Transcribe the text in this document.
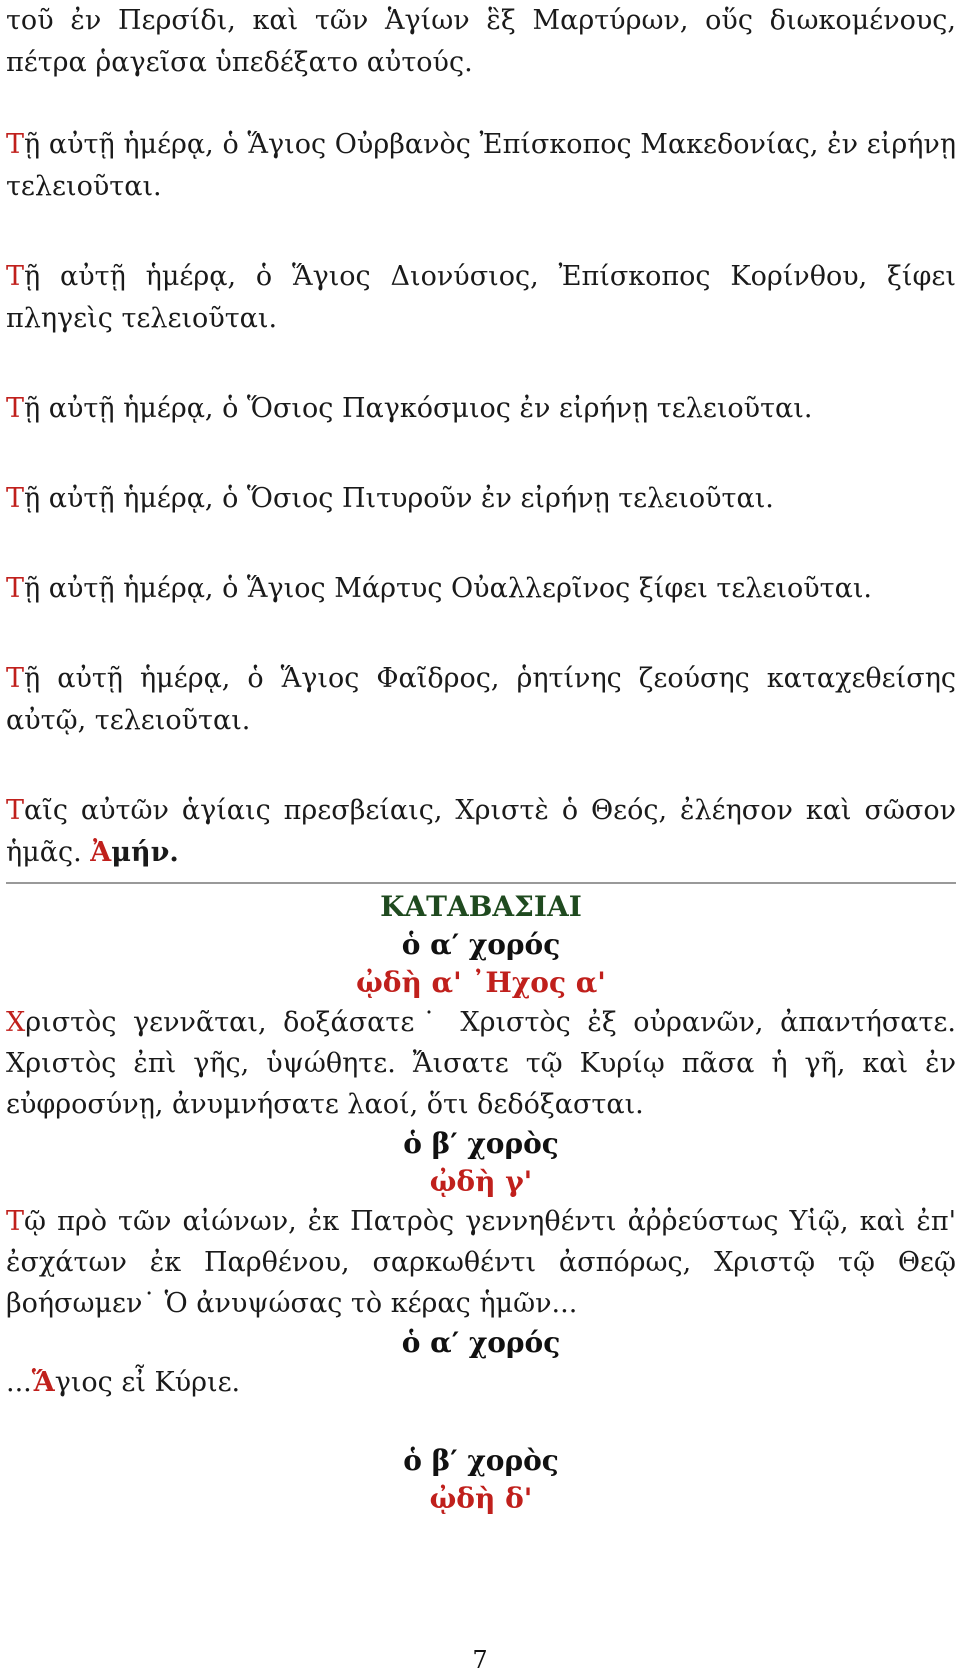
τοῦ ἐν Περσίδι, καὶ τῶν Ἁγίων ἓξ Μαρτύρων, οὕς διωκομένους, πέτρα ῥαγεῖσα ὑπεδέξατο αὐτούς.

Τῇ αὐτῇ ἡμέρᾳ, ὁ Ἅγιος Οὐρβανὸς Ἐπίσκοπος Μακεδονίας, ἐν εἰρήνῃ τελειοῦται.

Τῇ αὐτῇ ἡμέρᾳ, ὁ Ἅγιος Διονύσιος, Ἐπίσκοπος Κορίνθου, ξίφει πληγεὶς τελειοῦται.

Τῇ αὐτῇ ἡμέρᾳ, ὁ Ὅσιος Παγκόσμιος ἐν εἰρήνῃ τελειοῦται.

Τῇ αὐτῇ ἡμέρᾳ, ὁ Ὅσιος Πιτυροῦν ἐν εἰρήνῃ τελειοῦται.

Τῇ αὐτῇ ἡμέρᾳ, ὁ Ἅγιος Μάρτυς Οὐαλλερῖνος ξίφει τελειοῦται.

Τῇ αὐτῇ ἡμέρᾳ, ὁ Ἅγιος Φαῖδρος, ῥητίνης ζεούσης καταχεθείσης αὐτῷ, τελειοῦται.

Ταῖς αὐτῶν ἁγίαις πρεσβείαις, Χριστὲ ὁ Θεός, ἐλέησον καὶ σῶσον ἡμᾶς. Ἀμήν.

ΚΑΤΑΒΑΣΙΑΙ
ὁ α′ χορός
ᾠδὴ α' ᾿Ηχος α'

Χριστὸς γεννᾶται, δοξάσατε˙ Χριστὸς ἐξ οὐρανῶν, ἀπαντήσατε. Χριστὸς ἐπὶ γῆς, ὑψώθητε. Ἄισατε τῷ Κυρίῳ πᾶσα ἡ γῆ, καὶ ἐν εὐφροσύνῃ, ἀνυμνήσατε λαοί, ὅτι δεδόξασται.

ὁ β′ χορὸς
ᾠδὴ γ'

Τῷ πρὸ τῶν αἰώνων, ἐκ Πατρὸς γεννηθέντι ἀῤῥεύστως Υἱῷ, καὶ ἐπ' ἐσχάτων ἐκ Παρθένου, σαρκωθέντι ἀσπόρως, Χριστῷ τῷ Θεῷ βοήσωμεν˙ Ὁ ἀνυψώσας τὸ κέρας ἡμῶν...

ὁ α′ χορός

...Ἅγιος εἶ Κύριε.

ὁ β′ χορὸς
ᾠδὴ δ'
7
